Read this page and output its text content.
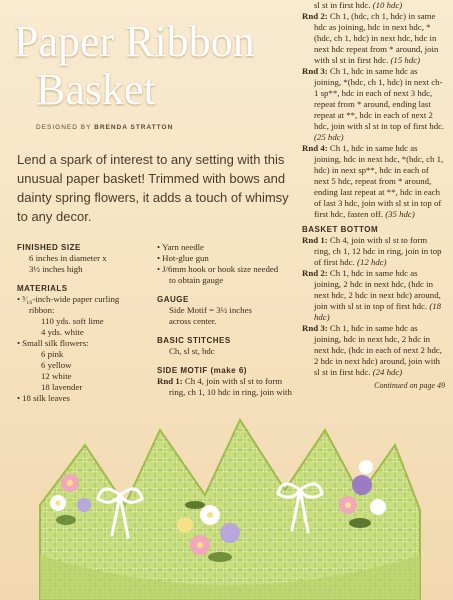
Paper Ribbon
Basket
DESIGNED BY BRENDA STRATTON
Lend a spark of interest to any setting with this unusual paper basket! Trimmed with bows and dainty spring flowers, it adds a touch of whimsy to any decor.

FINISHED SIZE

6 inches in diameter x

3½ inches high

MATERIALS

• ³⁄₁₆-inch-wide paper curling

ribbon:

110 yds. soft lime

4 yds. white

• Small silk flowers:

6 pink

6 yellow

12 white

18 lavender

• 18 silk leaves

• Yarn needle

• Hot-glue gun

• J/6mm hook or hook size needed

to obtain gauge

GAUGE

Side Motif = 3½ inches

across center.

BASIC STITCHES

Ch, sl st, hdc

SIDE MOTIF (make 6)

Rnd 1: Ch 4, join with sl st to form ring, ch 1, 10 hdc in ring, join with

sl st in first hdc. (10 hdc)

Rnd 2: Ch 1, (hdc, ch 1, hdc) in same hdc as joining, hdc in next hdc, *(hdc, ch 1, hdc) in next hdc, hdc in next hdc repeat from * around, join with sl st in first hdc. (15 hdc)

Rnd 3: Ch 1, hdc in same hdc as joining, *(hdc, ch 1, hdc) in next ch-1 sp**, hdc in each of next 3 hdc, repeat from * around, ending last repeat at **, hdc in each of next 2 hdc, join with sl st in top of first hdc. (25 hdc)

Rnd 4: Ch 1, hdc in same hdc as joining, hdc in next hdc, *(hdc, ch 1, hdc) in next sp**, hdc in each of next 5 hdc, repeat from * around, ending last repeat at **, hdc in each of last 3 hdc, join with sl st in top of first hdc, fasten off. (35 hdc)

BASKET BOTTOM

Rnd 1: Ch 4, join with sl st to form ring, ch 1, 12 hdc in ring, join in top of first hdc. (12 hdc)

Rnd 2: Ch 1, hdc in same hdc as joining, 2 hdc in next hdc, (hdc in next hdc, 2 hdc in next hdc) around, join with sl st in top of first hdc. (18 hdc)

Rnd 3: Ch 1, hdc in same hdc as joining, hdc in next hdc, 2 hdc in next hdc, (hdc in each of next 2 hdc, 2 hdc in next hdc) around, join with sl st in first hdc. (24 hdc)

Continued on page 49
